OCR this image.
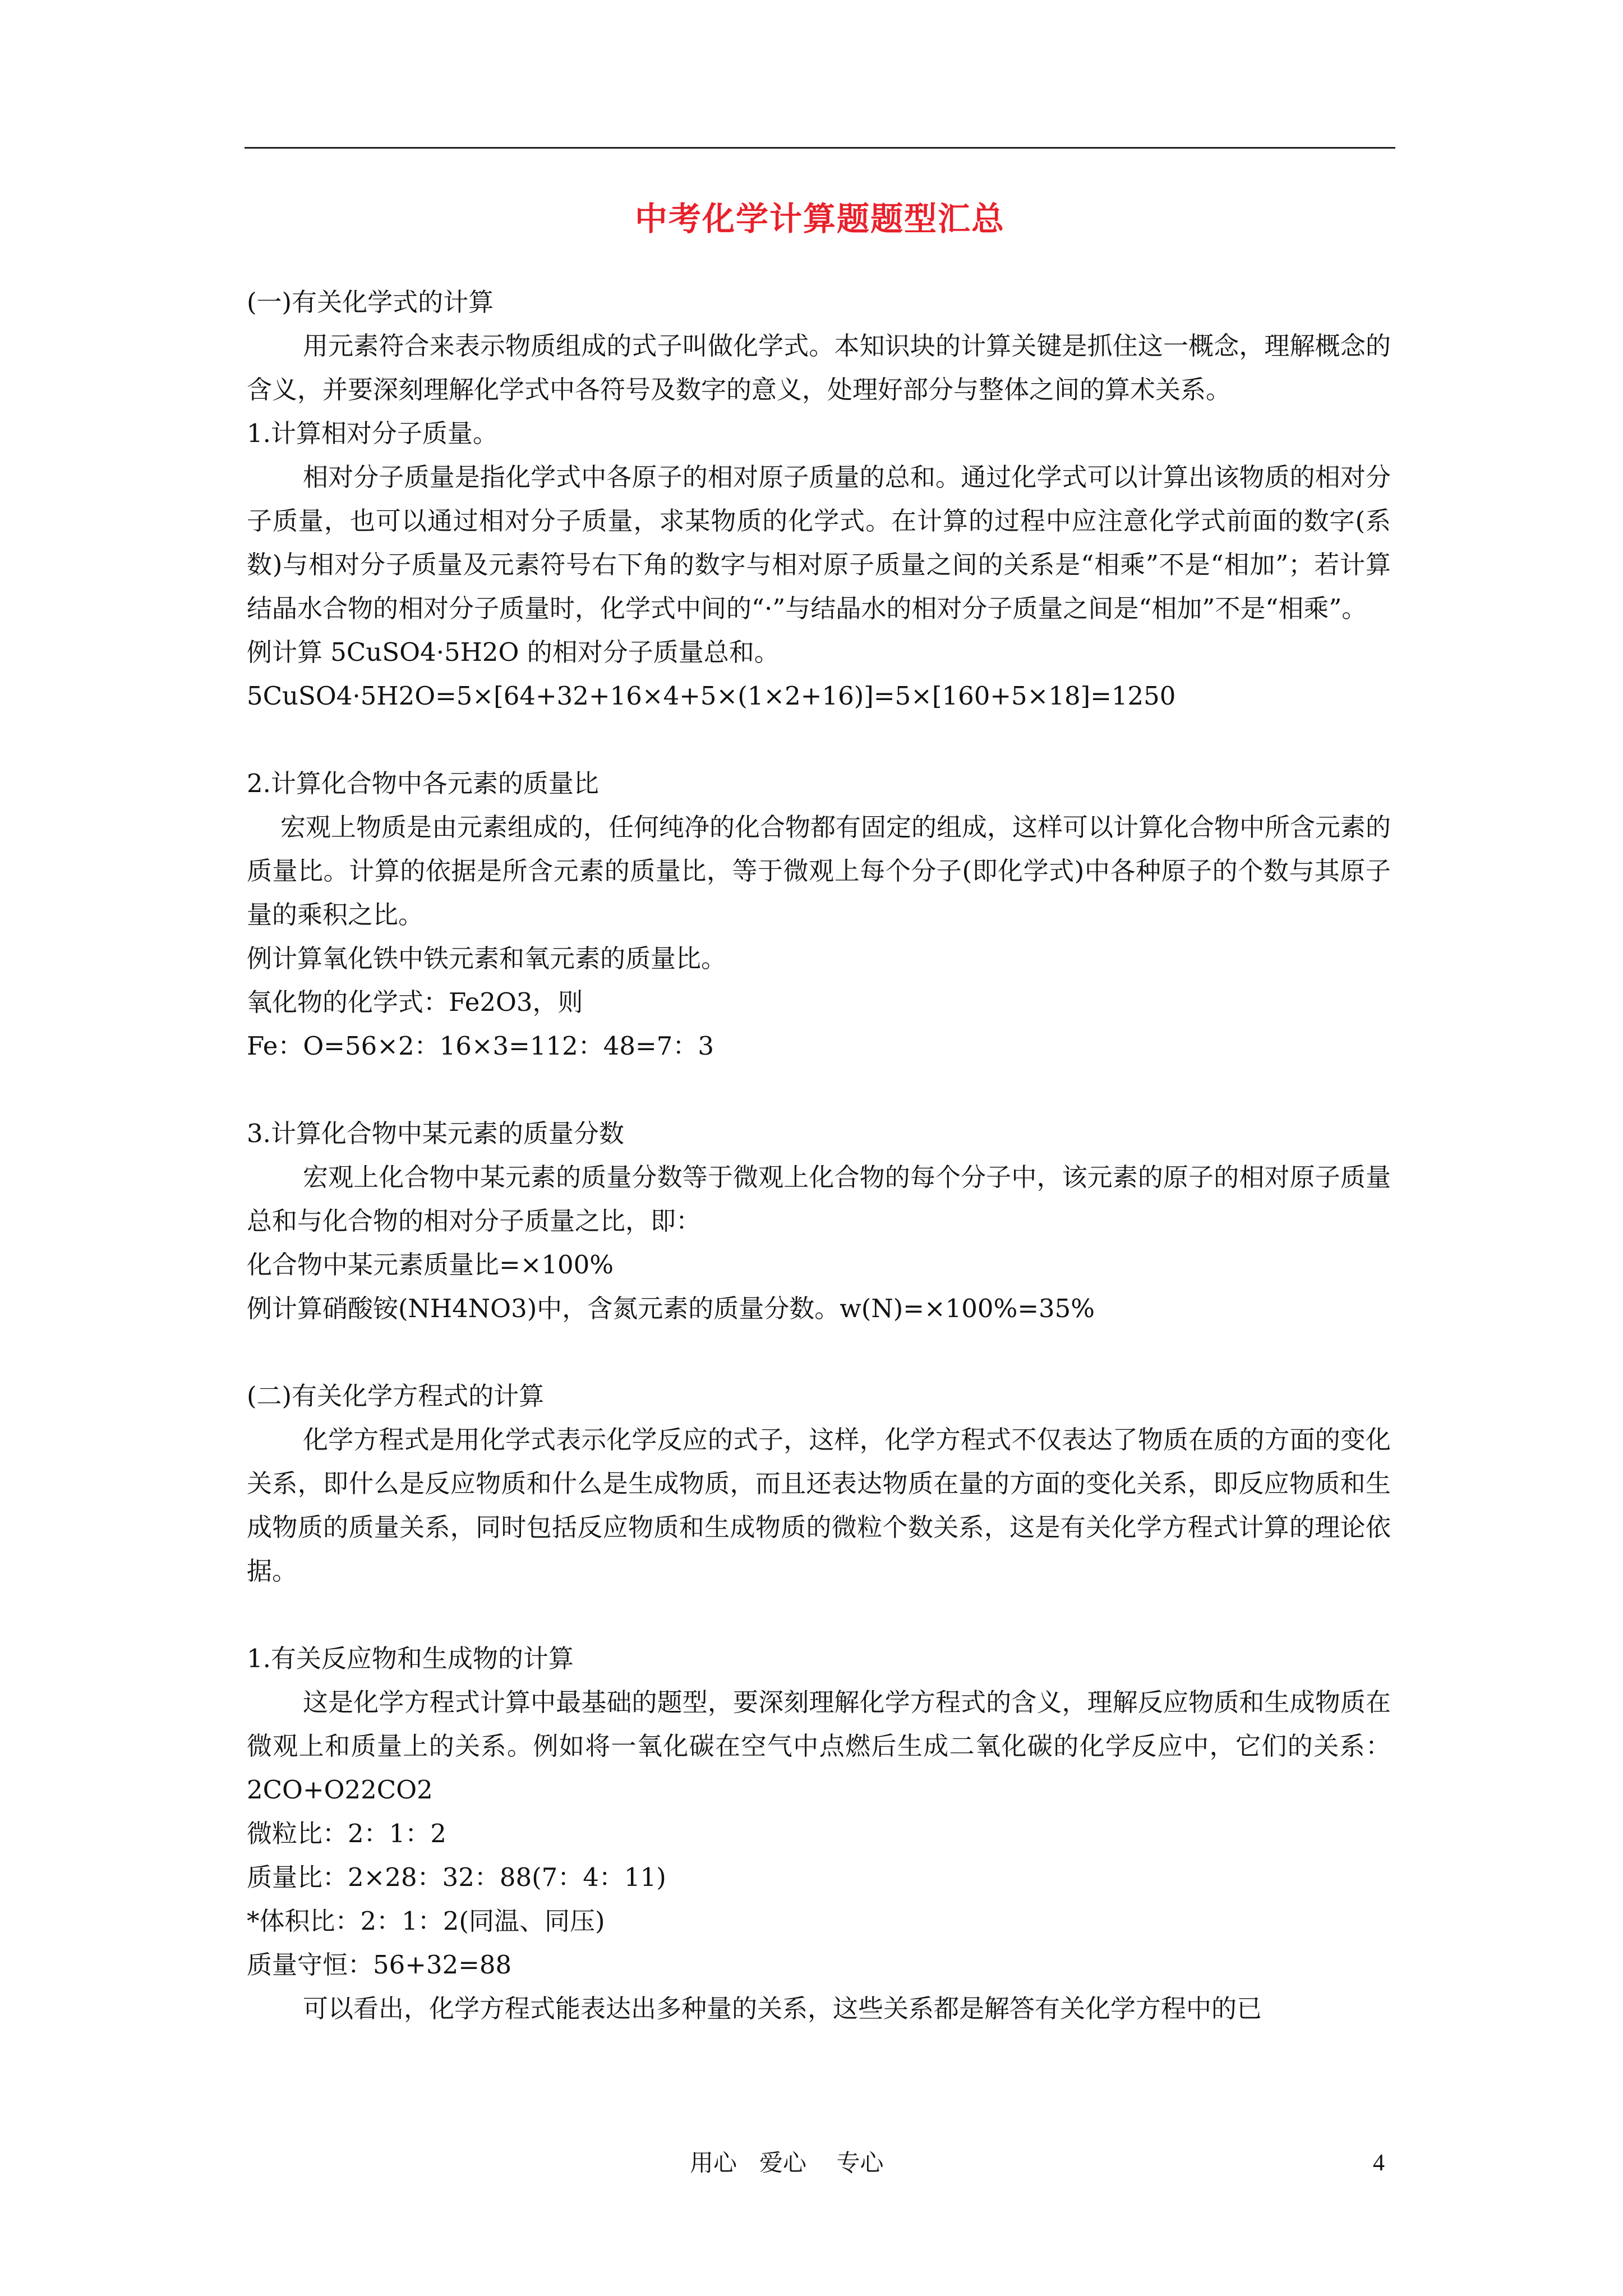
中考化学计算题题型汇总

(一)有关化学式的计算

用元素符合来表示物质组成的式子叫做化学式。本知识块的计算关键是抓住这一概念，理解概念的含义，并要深刻理解化学式中各符号及数字的意义，处理好部分与整体之间的算术关系。

1.计算相对分子质量。

相对分子质量是指化学式中各原子的相对原子质量的总和。通过化学式可以计算出该物质的相对分子质量，也可以通过相对分子质量，求某物质的化学式。在计算的过程中应注意化学式前面的数字(系数)与相对分子质量及元素符号右下角的数字与相对原子质量之间的关系是“相乘”不是“相加”；若计算结晶水合物的相对分子质量时，化学式中间的“·”与结晶水的相对分子质量之间是“相加”不是“相乘”。

例计算 5CuSO4·5H2O 的相对分子质量总和。

5CuSO4·5H2O=5×[64+32+16×4+5×(1×2+16)]=5×[160+5×18]=1250

2.计算化合物中各元素的质量比

宏观上物质是由元素组成的，任何纯净的化合物都有固定的组成，这样可以计算化合物中所含元素的质量比。计算的依据是所含元素的质量比，等于微观上每个分子(即化学式)中各种原子的个数与其原子量的乘积之比。

例计算氧化铁中铁元素和氧元素的质量比。

氧化物的化学式：Fe2O3，则

Fe：O=56×2：16×3=112：48=7：3

3.计算化合物中某元素的质量分数

宏观上化合物中某元素的质量分数等于微观上化合物的每个分子中，该元素的原子的相对原子质量总和与化合物的相对分子质量之比，即：

化合物中某元素质量比=×100%

例计算硝酸铵(NH4NO3)中，含氮元素的质量分数。w(N)=×100%=35%

(二)有关化学方程式的计算

化学方程式是用化学式表示化学反应的式子，这样，化学方程式不仅表达了物质在质的方面的变化关系，即什么是反应物质和什么是生成物质，而且还表达物质在量的方面的变化关系，即反应物质和生成物质的质量关系，同时包括反应物质和生成物质的微粒个数关系，这是有关化学方程式计算的理论依据。

1.有关反应物和生成物的计算

这是化学方程式计算中最基础的题型，要深刻理解化学方程式的含义，理解反应物质和生成物质在微观上和质量上的关系。例如将一氧化碳在空气中点燃后生成二氧化碳的化学反应中，它们的关系：2CO+O22CO2

微粒比：2：1：2

质量比：2×28：32：88(7：4：11)

*体积比：2：1：2(同温、同压)

质量守恒：56+32=88

可以看出，化学方程式能表达出多种量的关系，这些关系都是解答有关化学方程中的已

用心   爱心    专心	4
